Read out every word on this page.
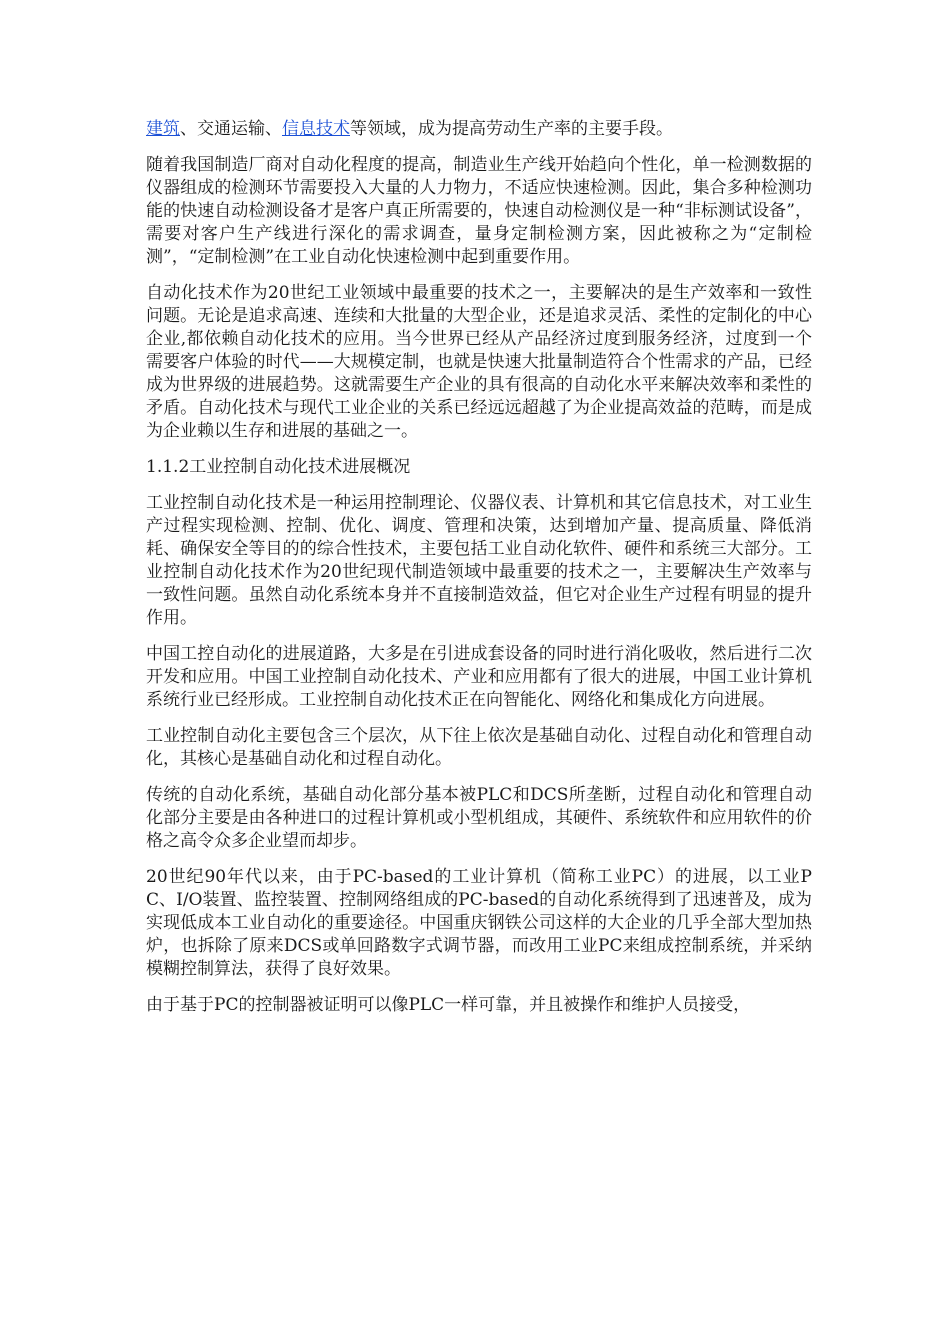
建筑、交通运输、信息技术等领域，成为提高劳动生产率的主要手段。

随着我国制造厂商对自动化程度的提高，制造业生产线开始趋向个性化，单一检测数据的仪器组成的检测环节需要投入大量的人力物力，不适应快速检测。因此，集合多种检测功能的快速自动检测设备才是客户真正所需要的，快速自动检测仪是一种“非标测试设备”，需要对客户生产线进行深化的需求调查，量身定制检测方案，因此被称之为“定制检测”，“定制检测”在工业自动化快速检测中起到重要作用。

自动化技术作为20世纪工业领域中最重要的技术之一，主要解决的是生产效率和一致性问题。无论是追求高速、连续和大批量的大型企业，还是追求灵活、柔性的定制化的中心企业,都依赖自动化技术的应用。当今世界已经从产品经济过度到服务经济，过度到一个需要客户体验的时代——大规模定制，也就是快速大批量制造符合个性需求的产品，已经成为世界级的进展趋势。这就需要生产企业的具有很高的自动化水平来解决效率和柔性的矛盾。自动化技术与现代工业企业的关系已经远远超越了为企业提高效益的范畴，而是成为企业赖以生存和进展的基础之一。

1.1.2工业控制自动化技术进展概况

工业控制自动化技术是一种运用控制理论、仪器仪表、计算机和其它信息技术，对工业生产过程实现检测、控制、优化、调度、管理和决策，达到增加产量、提高质量、降低消耗、确保安全等目的的综合性技术，主要包括工业自动化软件、硬件和系统三大部分。工业控制自动化技术作为20世纪现代制造领域中最重要的技术之一，主要解决生产效率与一致性问题。虽然自动化系统本身并不直接制造效益，但它对企业生产过程有明显的提升作用。

中国工控自动化的进展道路，大多是在引进成套设备的同时进行消化吸收，然后进行二次开发和应用。中国工业控制自动化技术、产业和应用都有了很大的进展，中国工业计算机系统行业已经形成。工业控制自动化技术正在向智能化、网络化和集成化方向进展。

工业控制自动化主要包含三个层次，从下往上依次是基础自动化、过程自动化和管理自动化，其核心是基础自动化和过程自动化。

传统的自动化系统，基础自动化部分基本被PLC和DCS所垄断，过程自动化和管理自动化部分主要是由各种进口的过程计算机或小型机组成，其硬件、系统软件和应用软件的价格之高令众多企业望而却步。

20世纪90年代以来，由于PC-based的工业计算机（简称工业PC）的进展，以工业PC、I/O装置、监控装置、控制网络组成的PC-based的自动化系统得到了迅速普及，成为实现低成本工业自动化的重要途径。中国重庆钢铁公司这样的大企业的几乎全部大型加热炉，也拆除了原来DCS或单回路数字式调节器，而改用工业PC来组成控制系统，并采纳模糊控制算法，获得了良好效果。

由于基于PC的控制器被证明可以像PLC一样可靠，并且被操作和维护人员接受，
